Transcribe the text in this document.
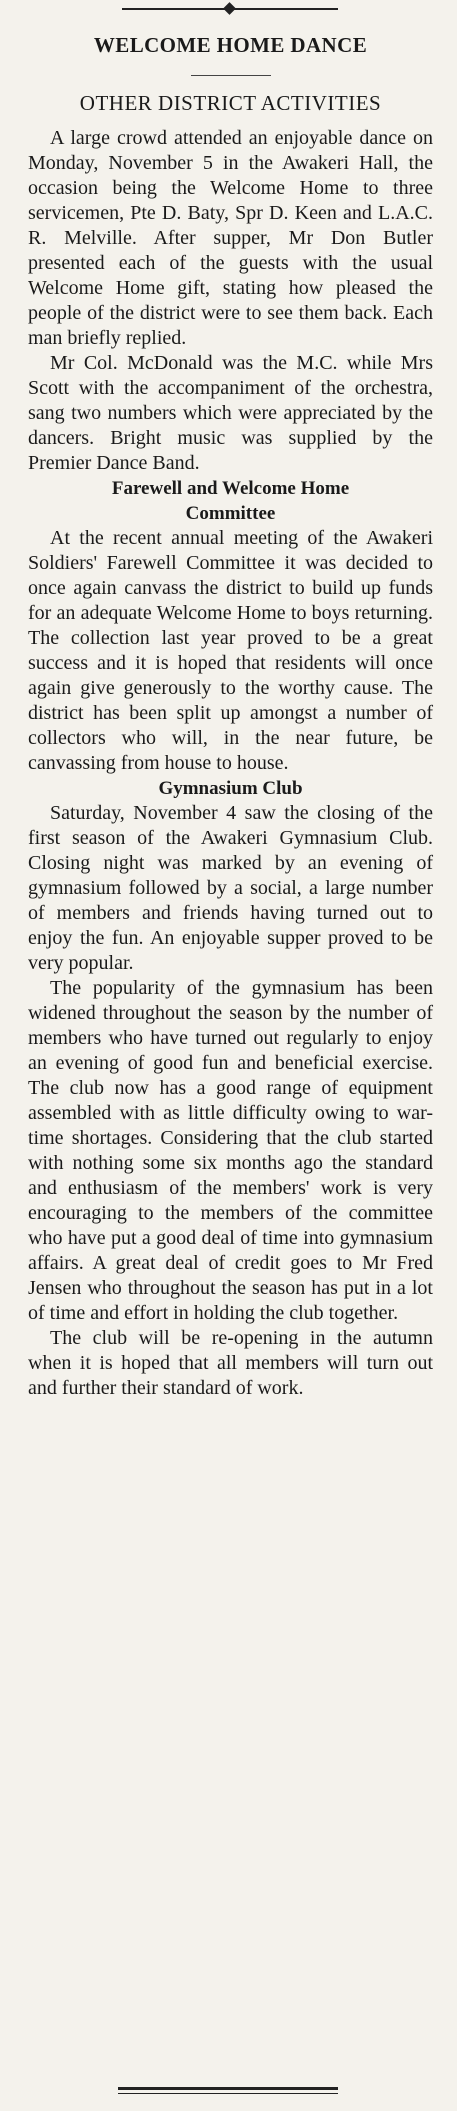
WELCOME HOME DANCE
OTHER DISTRICT ACTIVITIES

A large crowd attended an enjoyable dance on Monday, November 5 in the Awakeri Hall, the occasion being the Welcome Home to three servicemen, Pte D. Baty, Spr D. Keen and L.A.C. R. Melville. After supper, Mr Don Butler presented each of the guests with the usual Welcome Home gift, stating how pleased the people of the district were to see them back. Each man briefly replied.

Mr Col. McDonald was the M.C. while Mrs Scott with the accompaniment of the orchestra, sang two numbers which were appreciated by the dancers. Bright music was supplied by the Premier Dance Band.

Farewell and Welcome Home
Committee

At the recent annual meeting of the Awakeri Soldiers' Farewell Committee it was decided to once again canvass the district to build up funds for an adequate Welcome Home to boys returning. The collection last year proved to be a great success and it is hoped that residents will once again give generously to the worthy cause. The district has been split up amongst a number of collectors who will, in the near future, be canvassing from house to house.

Gymnasium Club

Saturday, November 4 saw the closing of the first season of the Awakeri Gymnasium Club. Closing night was marked by an evening of gymnasium followed by a social, a large number of members and friends having turned out to enjoy the fun. An enjoyable supper proved to be very popular.

The popularity of the gymnasium has been widened throughout the season by the number of members who have turned out regularly to enjoy an evening of good fun and beneficial exercise. The club now has a good range of equipment assembled with as little difficulty owing to war-time shortages. Considering that the club started with nothing some six months ago the standard and enthusiasm of the members' work is very encouraging to the members of the committee who have put a good deal of time into gymnasium affairs. A great deal of credit goes to Mr Fred Jensen who throughout the season has put in a lot of time and effort in holding the club together.

The club will be re-opening in the autumn when it is hoped that all members will turn out and further their standard of work.
